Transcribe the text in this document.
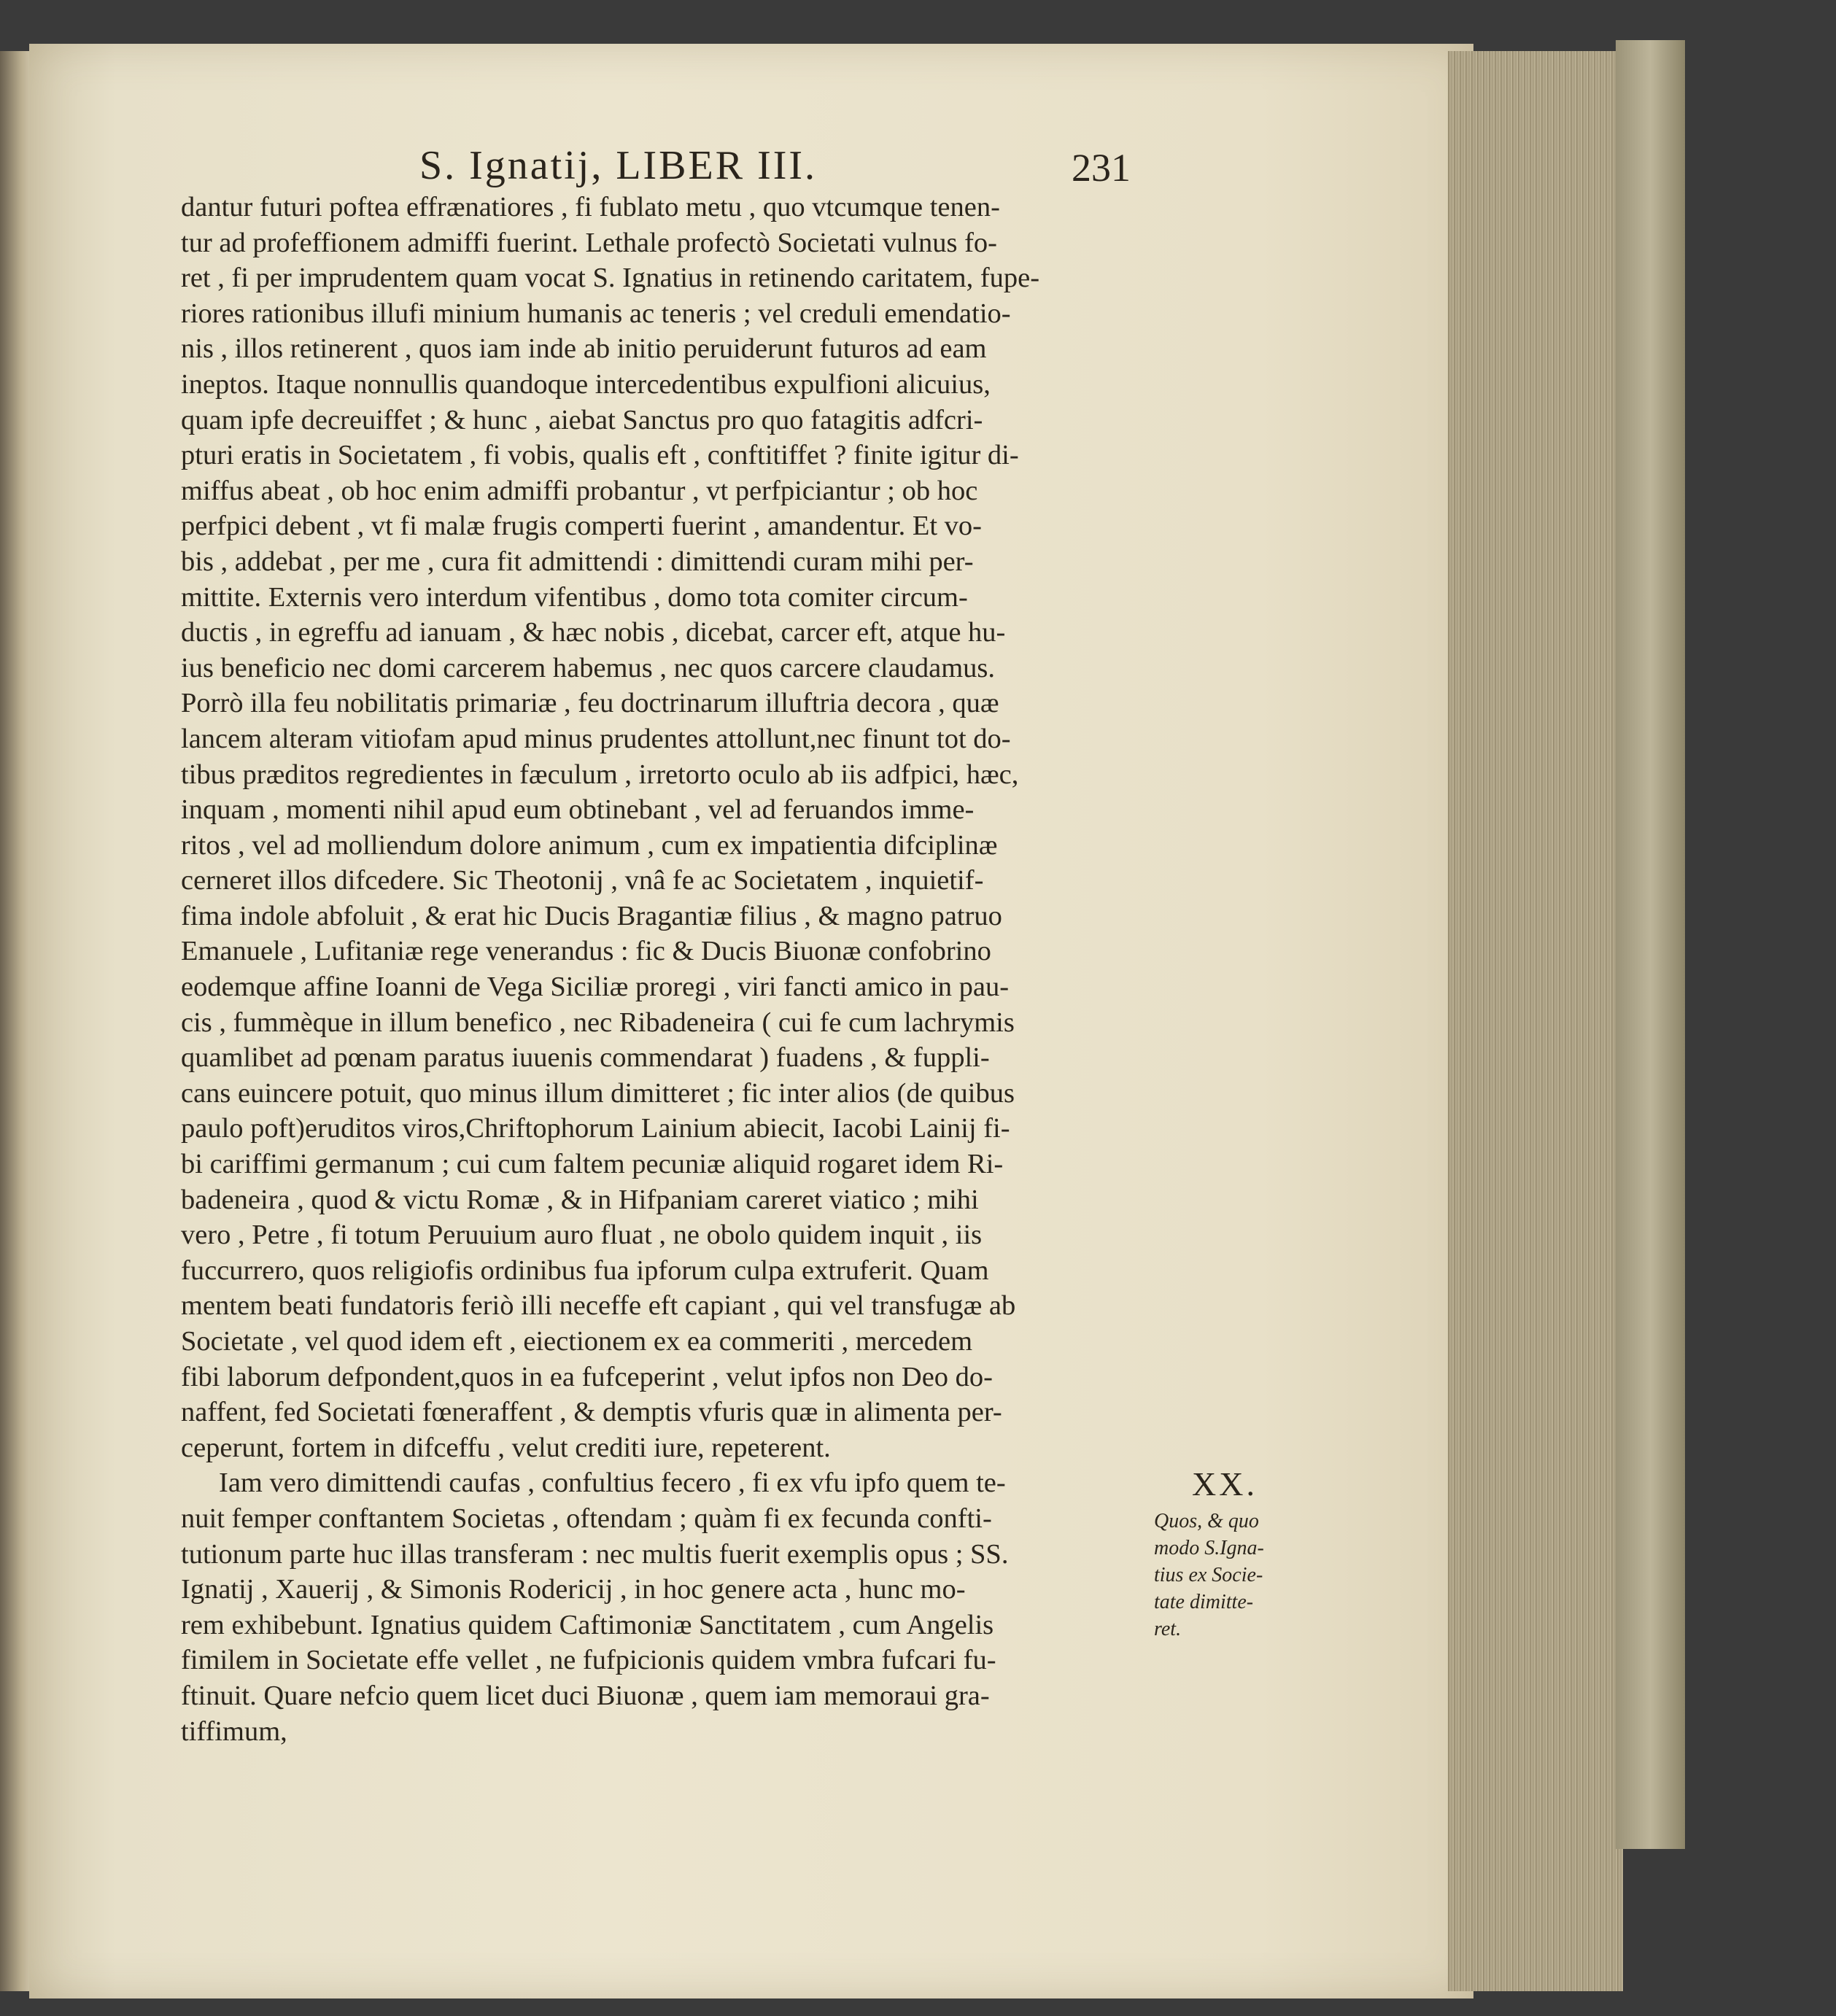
S. Ignatij, LIBER III.	231
dantur futuri poftea effrænatiores , fi fublato metu , quo vtcumque tenen-
tur ad profeffionem admiffi fuerint. Lethale profectò Societati vulnus fo-
ret , fi per imprudentem quam vocat S. Ignatius in retinendo caritatem, fupe-
riores rationibus illufi minium humanis ac teneris ; vel creduli emendatio-
nis , illos retinerent , quos iam inde ab initio peruiderunt futuros ad eam
ineptos. Itaque nonnullis quandoque intercedentibus expulfioni alicuius,
quam ipfe decreuiffet ; & hunc , aiebat Sanctus pro quo fatagitis adfcri-
pturi eratis in Societatem , fi vobis, qualis eft , conftitiffet ? finite igitur di-
miffus abeat , ob hoc enim admiffi probantur , vt perfpiciantur ; ob hoc
perfpici debent , vt fi malæ frugis comperti fuerint , amandentur. Et vo-
bis , addebat , per me , cura fit admittendi : dimittendi curam mihi per-
mittite. Externis vero interdum vifentibus , domo tota comiter circum-
ductis , in egreffu ad ianuam , & hæc nobis , dicebat, carcer eft, atque hu-
ius beneficio nec domi carcerem habemus , nec quos carcere claudamus.
Porrò illa feu nobilitatis primariæ , feu doctrinarum illuftria decora , quæ
lancem alteram vitiofam apud minus prudentes attollunt,nec finunt tot do-
tibus præditos regredientes in fæculum , irretorto oculo ab iis adfpici, hæc,
inquam , momenti nihil apud eum obtinebant , vel ad feruandos imme-
ritos , vel ad molliendum dolore animum , cum ex impatientia difciplinæ
cerneret illos difcedere. Sic Theotonij , vnâ fe ac Societatem , inquietif-
fima indole abfoluit , & erat hic Ducis Bragantiæ filius , & magno patruo
Emanuele , Lufitaniæ rege venerandus : fic & Ducis Biuonæ confobrino
eodemque affine Ioanni de Vega Siciliæ proregi , viri fancti amico in pau-
cis , fummèque in illum benefico , nec Ribadeneira ( cui fe cum lachrymis
quamlibet ad pœnam paratus iuuenis commendarat ) fuadens , & fuppli-
cans euincere potuit, quo minus illum dimitteret ; fic inter alios (de quibus
paulo poft)eruditos viros,Chriftophorum Lainium abiecit, Iacobi Lainij fi-
bi cariffimi germanum ; cui cum faltem pecuniæ aliquid rogaret idem Ri-
badeneira , quod & victu Romæ , & in Hifpaniam careret viatico ; mihi
vero , Petre , fi totum Peruuium auro fluat , ne obolo quidem inquit , iis
fuccurrero, quos religiofis ordinibus fua ipforum culpa extruferit. Quam
mentem beati fundatoris feriò illi neceffe eft capiant , qui vel transfugæ ab
Societate , vel quod idem eft , eiectionem ex ea commeriti , mercedem
fibi laborum defpondent,quos in ea fufceperint , velut ipfos non Deo do-
naffent, fed Societati fœneraffent , & demptis vfuris quæ in alimenta per-
ceperunt, fortem in difceffu , velut crediti iure, repeterent.
Iam vero dimittendi caufas , confultius fecero , fi ex vfu ipfo quem te-
nuit femper conftantem Societas , oftendam ; quàm fi ex fecunda confti-
tutionum parte huc illas transferam : nec multis fuerit exemplis opus ; SS.
Ignatij , Xauerij , & Simonis Rodericij , in hoc genere acta , hunc mo-
rem exhibebunt. Ignatius quidem Caftimoniæ Sanctitatem , cum Angelis
fimilem in Societate effe vellet , ne fufpicionis quidem vmbra fufcari fu-
ftinuit. Quare nefcio quem licet duci Biuonæ , quem iam memoraui gra-
tiffimum,
XX.
Quos, & quo
modo S.Igna-
tius ex Socie-
tate dimitte-
ret.
